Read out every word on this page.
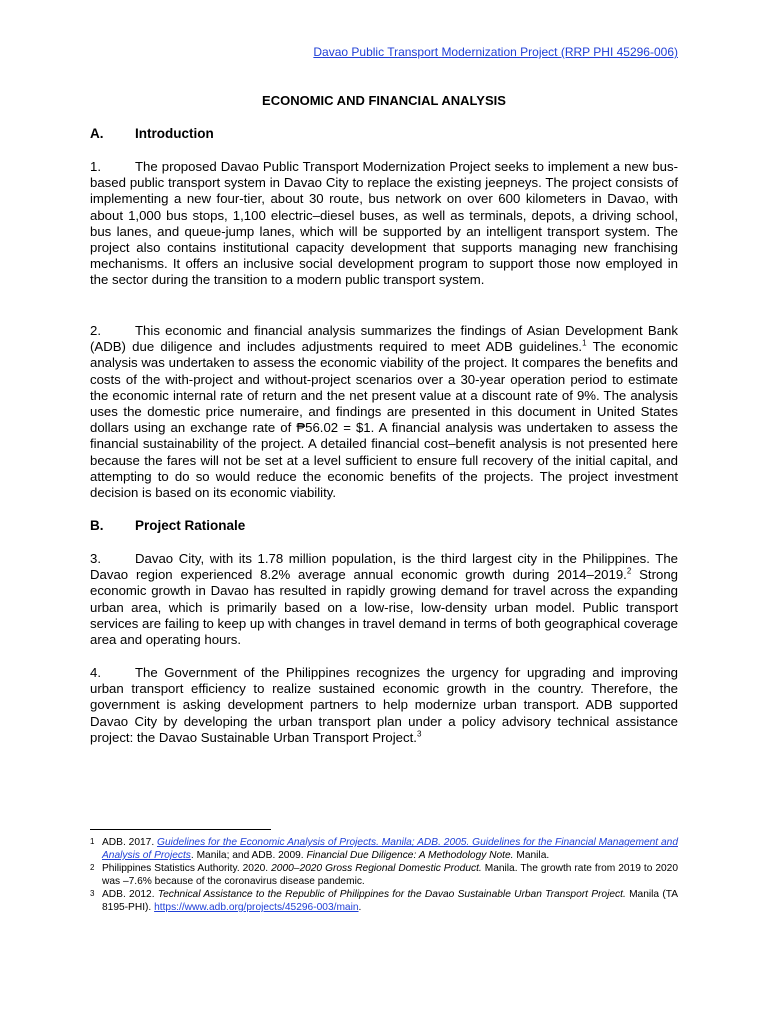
Davao Public Transport Modernization Project (RRP PHI 45296-006)
ECONOMIC AND FINANCIAL ANALYSIS
A. Introduction
1.	The proposed Davao Public Transport Modernization Project seeks to implement a new bus-based public transport system in Davao City to replace the existing jeepneys. The project consists of implementing a new four-tier, about 30 route, bus network on over 600 kilometers in Davao, with about 1,000 bus stops, 1,100 electric–diesel buses, as well as terminals, depots, a driving school, bus lanes, and queue-jump lanes, which will be supported by an intelligent transport system. The project also contains institutional capacity development that supports managing new franchising mechanisms. It offers an inclusive social development program to support those now employed in the sector during the transition to a modern public transport system.
2.	This economic and financial analysis summarizes the findings of Asian Development Bank (ADB) due diligence and includes adjustments required to meet ADB guidelines.$^1$ The economic analysis was undertaken to assess the economic viability of the project. It compares the benefits and costs of the with-project and without-project scenarios over a 30-year operation period to estimate the economic internal rate of return and the net present value at a discount rate of 9%. The analysis uses the domestic price numeraire, and findings are presented in this document in United States dollars using an exchange rate of ₱56.02 = $1. A financial analysis was undertaken to assess the financial sustainability of the project. A detailed financial cost–benefit analysis is not presented here because the fares will not be set at a level sufficient to ensure full recovery of the initial capital, and attempting to do so would reduce the economic benefits of the projects. The project investment decision is based on its economic viability.
B. Project Rationale
3.	Davao City, with its 1.78 million population, is the third largest city in the Philippines. The Davao region experienced 8.2% average annual economic growth during 2014–2019.$^2$ Strong economic growth in Davao has resulted in rapidly growing demand for travel across the expanding urban area, which is primarily based on a low-rise, low-density urban model. Public transport services are failing to keep up with changes in travel demand in terms of both geographical coverage area and operating hours.
4.	The Government of the Philippines recognizes the urgency for upgrading and improving urban transport efficiency to realize sustained economic growth in the country. Therefore, the government is asking development partners to help modernize urban transport. ADB supported Davao City by developing the urban transport plan under a policy advisory technical assistance project: the Davao Sustainable Urban Transport Project.$^3$
1 ADB. 2017. Guidelines for the Economic Analysis of Projects. Manila; ADB. 2005. Guidelines for the Financial Management and Analysis of Projects. Manila; and ADB. 2009. Financial Due Diligence: A Methodology Note. Manila.
2 Philippines Statistics Authority. 2020. 2000–2020 Gross Regional Domestic Product. Manila. The growth rate from 2019 to 2020 was –7.6% because of the coronavirus disease pandemic.
3 ADB. 2012. Technical Assistance to the Republic of Philippines for the Davao Sustainable Urban Transport Project. Manila (TA 8195-PHI). https://www.adb.org/projects/45296-003/main.
